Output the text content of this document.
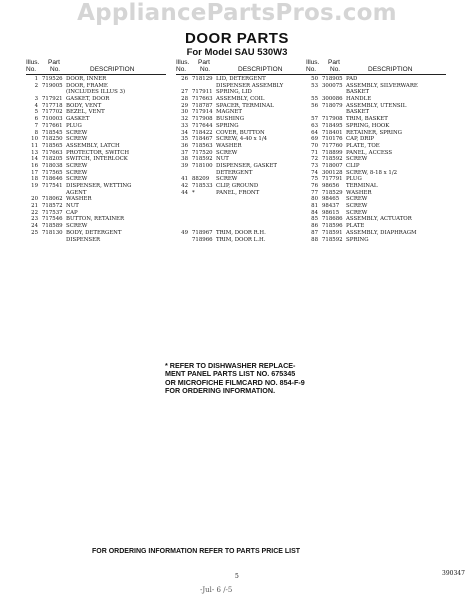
AppliancePartsPros.com
DOOR PARTS
For Model SAU 530W3
Illus. Part
No. No.	DESCRIPTION
1 719526 DOOR, INNER
2 719005 DOOR, FRAME
(INCLUDES ILLUS 3)
3 717921 GASKET, DOOR
4 717718 BODY, VENT
5 717702 BEZEL, VENT
6 710003 GASKET
7 717661 PLUG
8 718545 SCREW
10 718250 SCREW
11 718565 ASSEMBLY, LATCH
13 717663 PROTECTOR, SWITCH
14 718205 SWITCH, INTERLOCK
16 718038 SCREW
17 717565 SCREW
18 718646 SCREW
19 717541 DISPENSER, WETTING
AGENT
20 718062 WASHER
21 718572 NUT
22 717537 CAP
23 717546 BUTTON, RETAINER
24 718589 SCREW
25 718130 BODY, DETERGENT
DISPENSER
Illus. Part
No. No.	DESCRIPTION
26 718129 LID, DETERGENT
DISPENSER ASSEMBLY
27 717911 SPRING, LID
28 717663 ASSEMBLY, COIL
29 718787 SPACER, TERMINAL
30 717914 MAGNET
32 717908 BUSHING
33 717644 SPRING
34 718422 COVER, BUTTON
35 718467 SCREW, 4-40 x 1/4
36 718563 WASHER
37 717520 SCREW
38 718592 NUT
39 718100 DISPENSER, GASKET
DETERGENT
41 88209 SCREW
42 718533 CLIP, GROUND
44 *	PANEL, FRONT
49 718967 TRIM, DOOR R.H.
718966 TRIM, DOOR L.H.
Illus. Part
No. No.	DESCRIPTION
50 718905 PAD
53 300075 ASSEMBLY, SILVERWARE
BASKET
55 300086 HANDLE
56 718079 ASSEMBLY, UTENSIL
BASKET
57 717908 TRIM, BASKET
63 718495 SPRING, HOOK
64 718401 RETAINER, SPRING
69 710176 CAP, DRIP
70 717760 PLATE, TOE
71 718899 PANEL, ACCESS
72 718592 SCREW
73 718007 CLIP
74 300128 SCREW, 8-18 x 1/2
75 717791 PLUG
76 98656 TERMINAL
77 718529 WASHER
80 98465 SCREW
81 98437 SCREW
84 98615 SCREW
85 718686 ASSEMBLY, ACTUATOR
86 718596 PLATE
87 718591 ASSEMBLY, DIAPHRAGM
88 718592 SPRING
* REFER TO DISHWASHER REPLACE-
MENT PANEL PARTS LIST NO. 675345
OR MICROFICHE FILMCARD NO. 854-F-9
FOR ORDERING INFORMATION.
FOR ORDERING INFORMATION REFER TO PARTS PRICE LIST
5	390347
-Jul- 6 /-5
